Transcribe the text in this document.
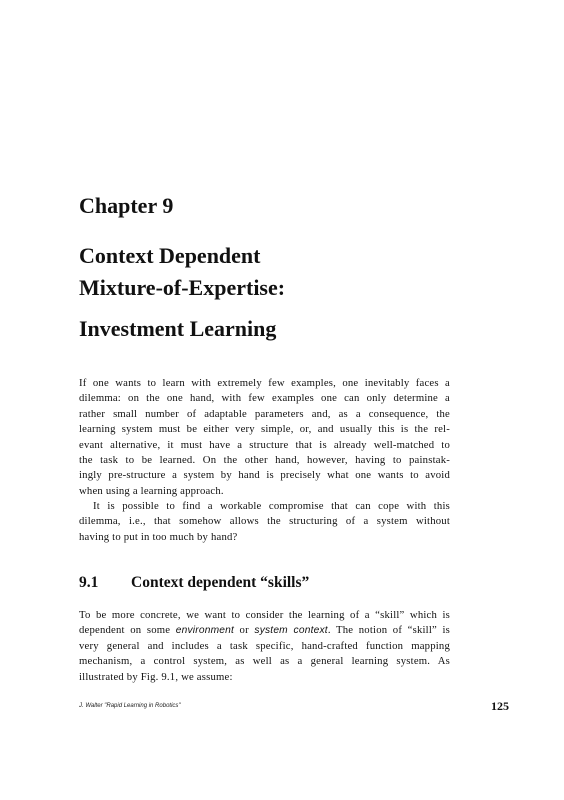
Chapter 9
Context Dependent
Mixture-of-Expertise:
Investment Learning
If one wants to learn with extremely few examples, one inevitably faces a
dilemma: on the one hand, with few examples one can only determine a
rather small number of adaptable parameters and, as a consequence, the
learning system must be either very simple, or, and usually this is the rel-
evant alternative, it must have a structure that is already well-matched to
the task to be learned. On the other hand, however, having to painstak-
ingly pre-structure a system by hand is precisely what one wants to avoid
when using a learning approach.
It is possible to find a workable compromise that can cope with this
dilemma, i.e., that somehow allows the structuring of a system without
having to put in too much by hand?
9.1 Context dependent “skills”
To be more concrete, we want to consider the learning of a “skill” which is
dependent on some environment or system context. The notion of “skill” is
very general and includes a task specific, hand-crafted function mapping
mechanism, a control system, as well as a general learning system. As
illustrated by Fig. 9.1, we assume:
J. Walter "Rapid Learning in Robotics"	125
